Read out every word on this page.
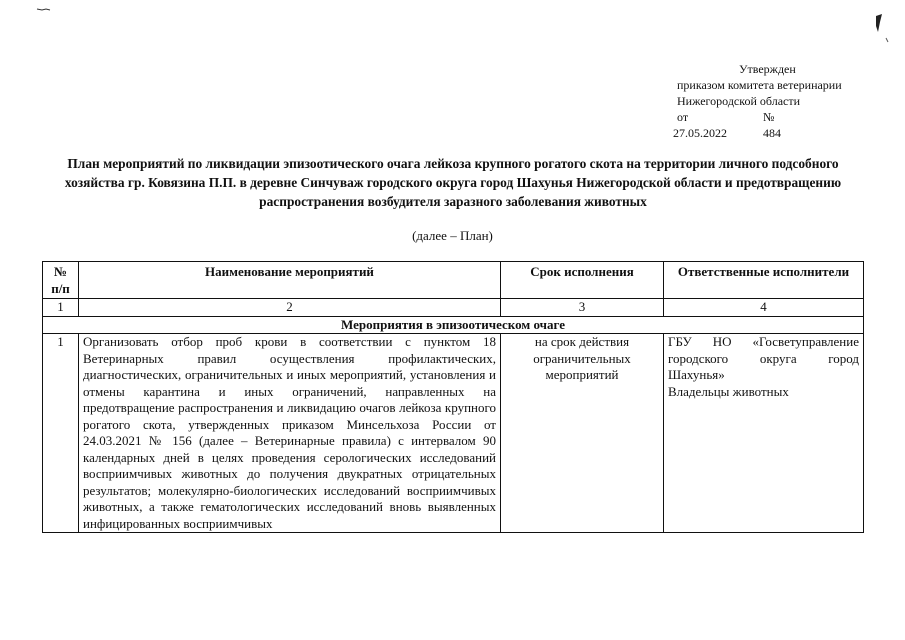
Утвержден
приказом комитета ветеринарии
Нижегородской области
от	№
27.05.2022	484
План мероприятий по ликвидации эпизоотического очага лейкоза крупного рогатого скота на территории личного подсобного хозяйства гр. Ковязина П.П. в деревне Синчуваж городского округа город Шахунья Нижегородской области и предотвращению распространения возбудителя заразного заболевания животных
(далее – План)
№ п/п	Наименование мероприятий	Срок исполнения	Ответственные исполнители
1	2	3	4
Мероприятия в эпизоотическом очаге			
1	Организовать отбор проб крови в соответствии с пунктом 18 Ветеринарных правил осуществления профилактических, диагностических, ограничительных и иных мероприятий, установления и отмены карантина и иных ограничений, направленных на предотвращение распространения и ликвидацию очагов лейкоза крупного рогатого скота, утвержденных приказом Минсельхоза России от 24.03.2021 № 156 (далее – Ветеринарные правила) с интервалом 90 календарных дней в целях проведения серологических исследований восприимчивых животных до получения двукратных отрицательных результатов; молекулярно-биологических исследований восприимчивых животных, а также гематологических исследований вновь выявленных инфицированных восприимчивых	на срок действия ограничительных мероприятий	ГБУ НО «Госветуправление городского округа город Шахунья»
Владельцы животных
